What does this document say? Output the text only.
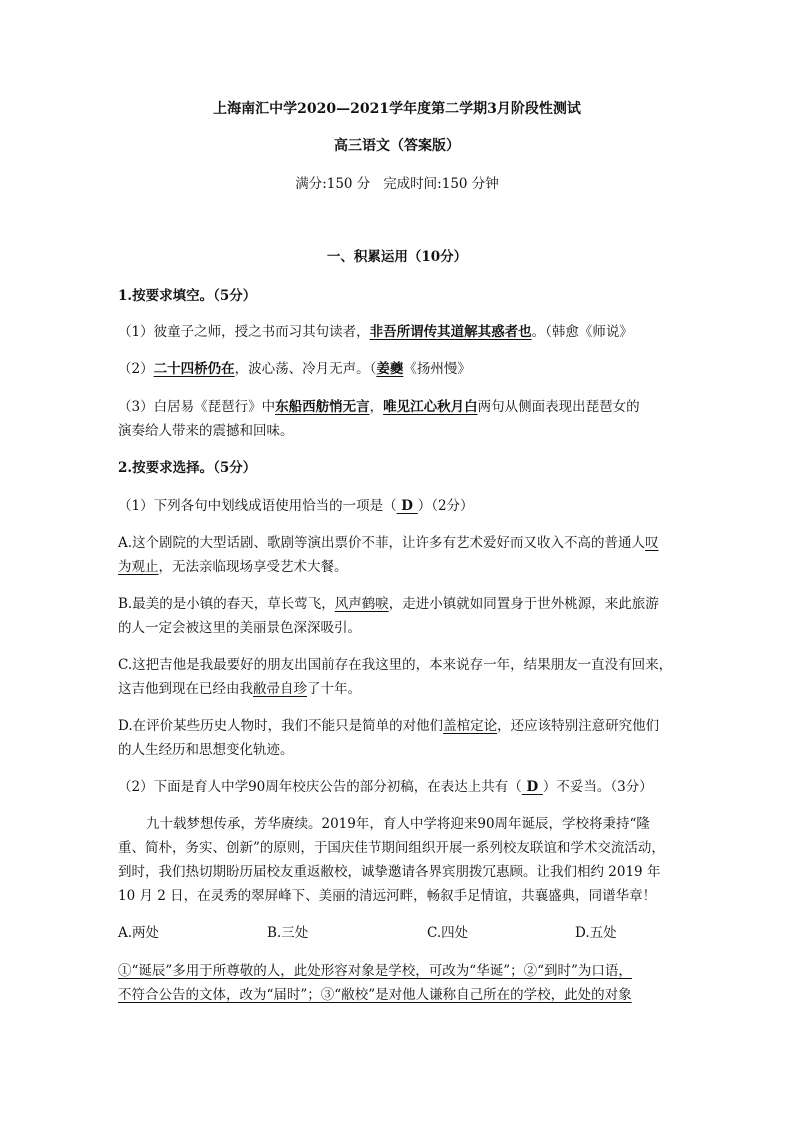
上海南汇中学2020—2021学年度第二学期3月阶段性测试
高三语文（答案版）
满分:150 分 完成时间:150 分钟
一、积累运用（10分）
1.按要求填空。（5分）
（1）彼童子之师，授之书而习其句读者，非吾所谓传其道解其惑者也。（韩愈《师说》
（2）二十四桥仍在，波心荡、冷月无声。（姜夔《扬州慢》
（3）白居易《琵琶行》中东船西舫悄无言，唯见江心秋月白两句从侧面表现出琵琶女的
演奏给人带来的震撼和回味。
2.按要求选择。（5分）
（1）下列各句中划线成语使用恰当的一项是（ D ）（2分）
A.这个剧院的大型话剧、歌剧等演出票价不菲，让许多有艺术爱好而又收入不高的普通人叹
为观止，无法亲临现场享受艺术大餐。
B.最美的是小镇的春天，草长莺飞，风声鹤唳，走进小镇就如同置身于世外桃源，来此旅游
的人一定会被这里的美丽景色深深吸引。
C.这把吉他是我最要好的朋友出国前存在我这里的，本来说存一年，结果朋友一直没有回来，
这吉他到现在已经由我敝帚自珍了十年。
D.在评价某些历史人物时，我们不能只是简单的对他们盖棺定论，还应该特别注意研究他们
的人生经历和思想变化轨迹。
（2）下面是育人中学90周年校庆公告的部分初稿，在表达上共有（ D ）不妥当。（3分）
九十载梦想传承，芳华赓续。2019年，育人中学将迎来90周年诞辰，学校将秉持“隆
重、简朴，务实、创新”的原则，于国庆佳节期间组织开展一系列校友联谊和学术交流活动，
到时，我们热切期盼历届校友重返敝校，诚挚邀请各界宾朋拨冗惠顾。让我们相约 2019 年
10 月 2 日，在灵秀的翠屏峰下、美丽的清远河畔，畅叙手足情谊，共襄盛典，同谱华章！
A.两处	B.三处	C.四处	D.五处
①“诞辰”多用于所尊敬的人，此处形容对象是学校，可改为“华诞”；②“到时”为口语，
不符合公告的文体，改为“届时”；③“敝校”是对他人谦称自己所在的学校，此处的对象
